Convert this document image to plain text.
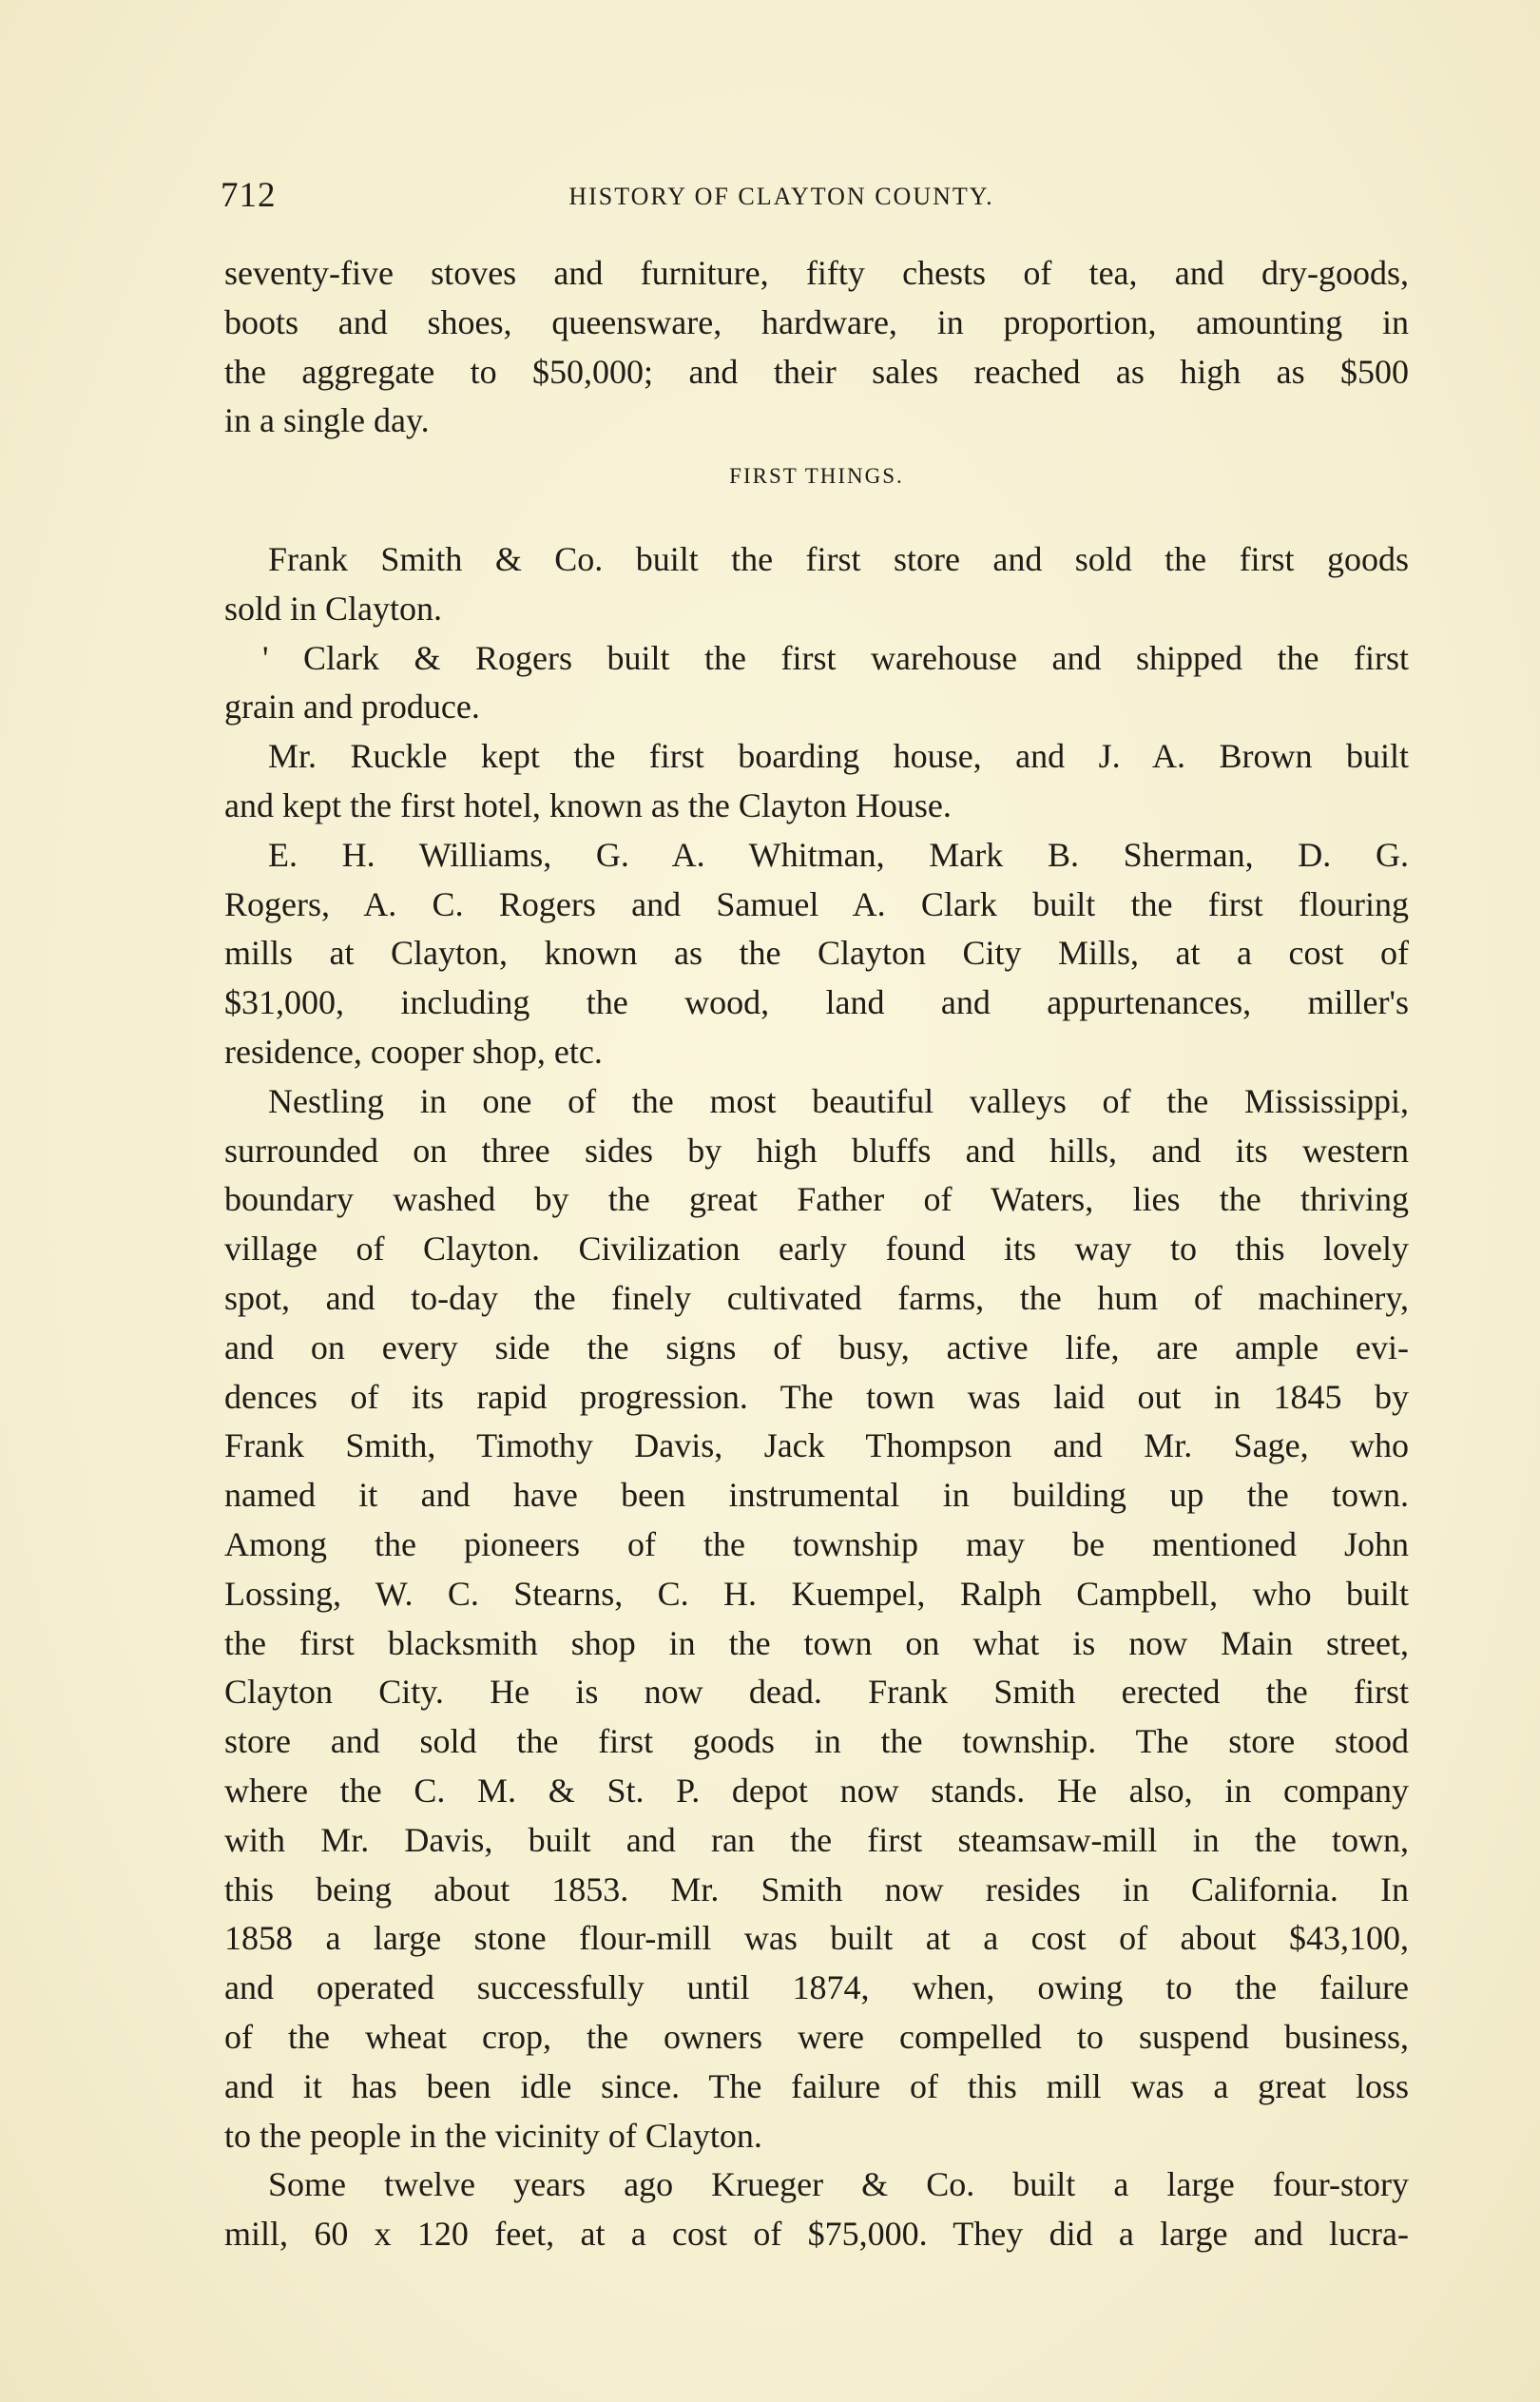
712	HISTORY OF CLAYTON COUNTY.
seventy-five stoves and furniture, fifty chests of tea, and dry-goods,
boots and shoes, queensware, hardware, in proportion, amounting in
the aggregate to $50,000; and their sales reached as high as $500
in a single day.
FIRST THINGS.
Frank Smith & Co. built the first store and sold the first goods
sold in Clayton.
' Clark & Rogers built the first warehouse and shipped the first
grain and produce.
Mr. Ruckle kept the first boarding house, and J. A. Brown built
and kept the first hotel, known as the Clayton House.
E. H. Williams, G. A. Whitman, Mark B. Sherman, D. G.
Rogers, A. C. Rogers and Samuel A. Clark built the first flouring
mills at Clayton, known as the Clayton City Mills, at a cost of
$31,000, including the wood, land and appurtenances, miller's
residence, cooper shop, etc.
Nestling in one of the most beautiful valleys of the Mississippi,
surrounded on three sides by high bluffs and hills, and its western
boundary washed by the great Father of Waters, lies the thriving
village of Clayton. Civilization early found its way to this lovely
spot, and to-day the finely cultivated farms, the hum of machinery,
and on every side the signs of busy, active life, are ample evi-
dences of its rapid progression. The town was laid out in 1845 by
Frank Smith, Timothy Davis, Jack Thompson and Mr. Sage, who
named it and have been instrumental in building up the town.
Among the pioneers of the township may be mentioned John
Lossing, W. C. Stearns, C. H. Kuempel, Ralph Campbell, who built
the first blacksmith shop in the town on what is now Main street,
Clayton City. He is now dead. Frank Smith erected the first
store and sold the first goods in the township. The store stood
where the C. M. & St. P. depot now stands. He also, in company
with Mr. Davis, built and ran the first steamsaw-mill in the town,
this being about 1853. Mr. Smith now resides in California. In
1858 a large stone flour-mill was built at a cost of about $43,100,
and operated successfully until 1874, when, owing to the failure
of the wheat crop, the owners were compelled to suspend business,
and it has been idle since. The failure of this mill was a great loss
to the people in the vicinity of Clayton.
Some twelve years ago Krueger & Co. built a large four-story
mill, 60 x 120 feet, at a cost of $75,000. They did a large and lucra-
